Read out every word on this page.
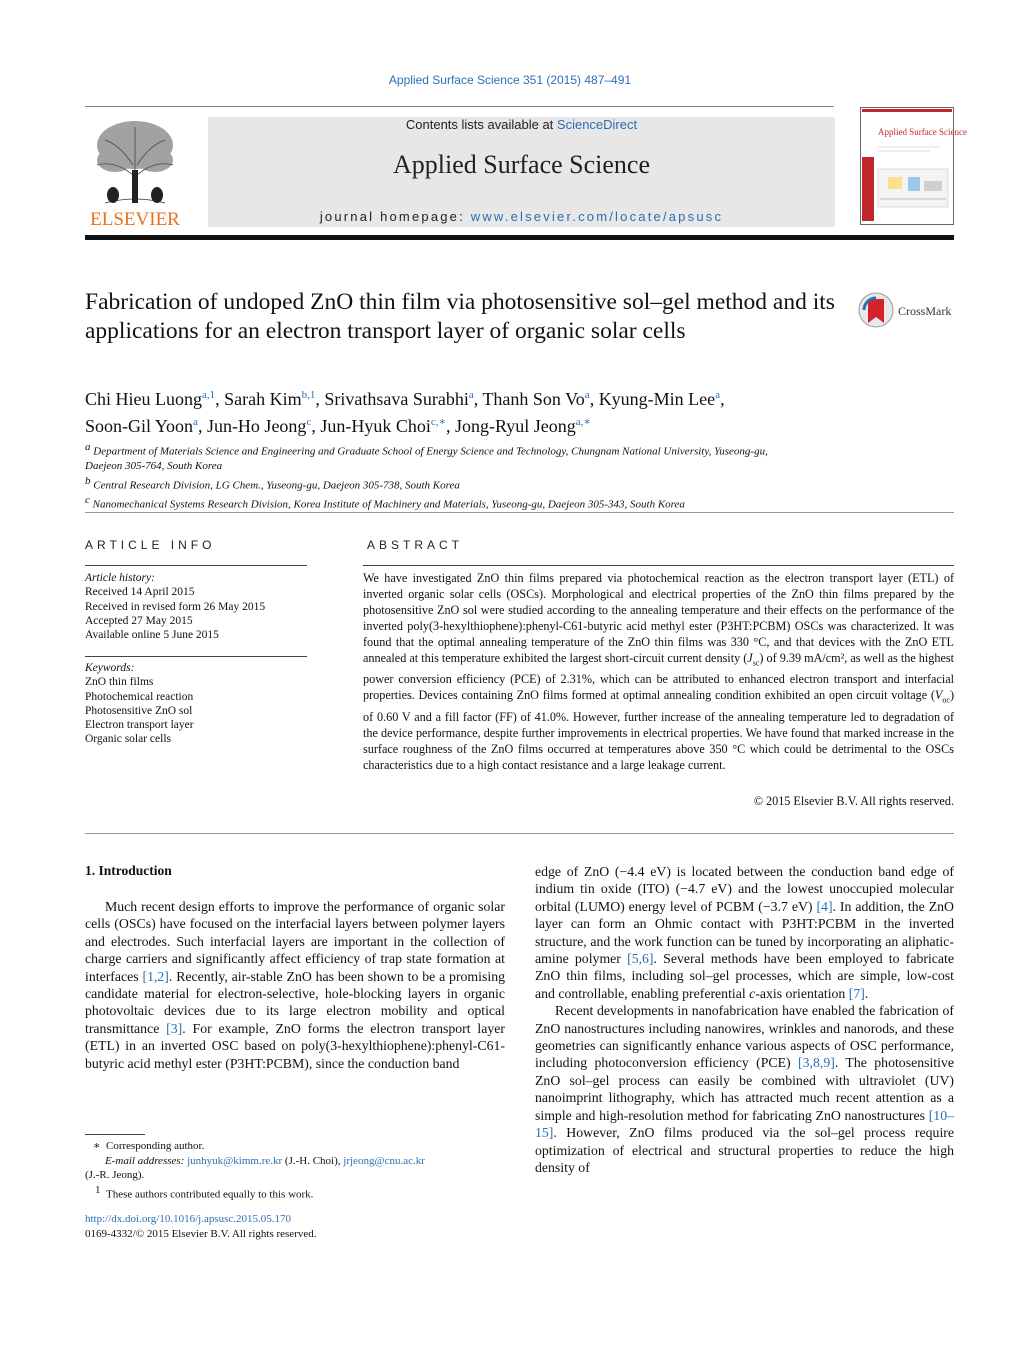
Applied Surface Science 351 (2015) 487–491
ELSEVIER
Contents lists available at ScienceDirect
Applied Surface Science
journal homepage: www.elsevier.com/locate/apsusc
Applied Surface Science
Fabrication of undoped ZnO thin film via photosensitive sol–gel method and its applications for an electron transport layer of organic solar cells
CrossMark
Chi Hieu Luong$^{a,1}$, Sarah Kim$^{b,1}$, Srivathsava Surabhi$^a$, Thanh Son Vo$^a$, Kyung-Min Lee$^a$,
Soon-Gil Yoon$^a$, Jun-Ho Jeong$^c$, Jun-Hyuk Choi$^{c,∗}$, Jong-Ryul Jeong$^{a,∗}$
$^a$ Department of Materials Science and Engineering and Graduate School of Energy Science and Technology, Chungnam National University, Yuseong-gu,
Daejeon 305-764, South Korea
$^b$ Central Research Division, LG Chem., Yuseong-gu, Daejeon 305-738, South Korea
$^c$ Nanomechanical Systems Research Division, Korea Institute of Machinery and Materials, Yuseong-gu, Daejeon 305-343, South Korea
ARTICLE INFO	ABSTRACT
Article history:
Received 14 April 2015
Received in revised form 26 May 2015
Accepted 27 May 2015
Available online 5 June 2015
Keywords:
ZnO thin films
Photochemical reaction
Photosensitive ZnO sol
Electron transport layer
Organic solar cells
We have investigated ZnO thin films prepared via photochemical reaction as the electron transport layer (ETL) of inverted organic solar cells (OSCs). Morphological and electrical properties of the ZnO thin films prepared by the photosensitive ZnO sol were studied according to the annealing temperature and their effects on the performance of the inverted poly(3-hexylthiophene):phenyl-C61-butyric acid methyl ester (P3HT:PCBM) OSCs was characterized. It was found that the optimal annealing temperature of the ZnO thin films was 330 °C, and that devices with the ZnO ETL annealed at this temperature exhibited the largest short-circuit current density $(J_{sc})$ of 9.39 mA/cm², as well as the highest power conversion efficiency (PCE) of 2.31%, which can be attributed to enhanced electron transport and interfacial properties. Devices containing ZnO films formed at optimal annealing condition exhibited an open circuit voltage $(V_{oc})$ of 0.60 V and a fill factor (FF) of 41.0%. However, further increase of the annealing temperature led to degradation of the device performance, despite further improvements in electrical properties. We have found that marked increase in the surface roughness of the ZnO films occurred at temperatures above 350 °C which could be detrimental to the OSCs characteristics due to a high contact resistance and a large leakage current.
© 2015 Elsevier B.V. All rights reserved.
1. Introduction

Much recent design efforts to improve the performance of organic solar cells (OSCs) have focused on the interfacial layers between polymer layers and electrodes. Such interfacial layers are important in the collection of charge carriers and significantly affect efficiency of trap state formation at interfaces [1,2]. Recently, air-stable ZnO has been shown to be a promising candidate material for electron-selective, hole-blocking layers in organic photovoltaic devices due to its large electron mobility and optical transmittance [3]. For example, ZnO forms the electron transport layer (ETL) in an inverted OSC based on poly(3-hexylthiophene):phenyl-C61-butyric acid methyl ester (P3HT:PCBM), since the conduction band

edge of ZnO (−4.4 eV) is located between the conduction band edge of indium tin oxide (ITO) (−4.7 eV) and the lowest unoccupied molecular orbital (LUMO) energy level of PCBM (−3.7 eV) [4]. In addition, the ZnO layer can form an Ohmic contact with P3HT:PCBM in the inverted structure, and the work function can be tuned by incorporating an aliphatic-amine polymer [5,6]. Several methods have been employed to fabricate ZnO thin films, including sol–gel processes, which are simple, low-cost and controllable, enabling preferential c-axis orientation [7].

Recent developments in nanofabrication have enabled the fabrication of ZnO nanostructures including nanowires, wrinkles and nanorods, and these geometries can significantly enhance various aspects of OSC performance, including photoconversion efficiency (PCE) [3,8,9]. The photosensitive ZnO sol–gel process can easily be combined with ultraviolet (UV) nanoimprint lithography, which has attracted much recent attention as a simple and high-resolution method for fabricating ZnO nanostructures [10–15]. However, ZnO films produced via the sol–gel process require optimization of electrical and structural properties to reduce the high density of

∗ Corresponding author.
E-mail addresses: junhyuk@kimm.re.kr (J.-H. Choi), jrjeong@cnu.ac.kr
(J.-R. Jeong).
$^1$ These authors contributed equally to this work.
http://dx.doi.org/10.1016/j.apsusc.2015.05.170
0169-4332/© 2015 Elsevier B.V. All rights reserved.
